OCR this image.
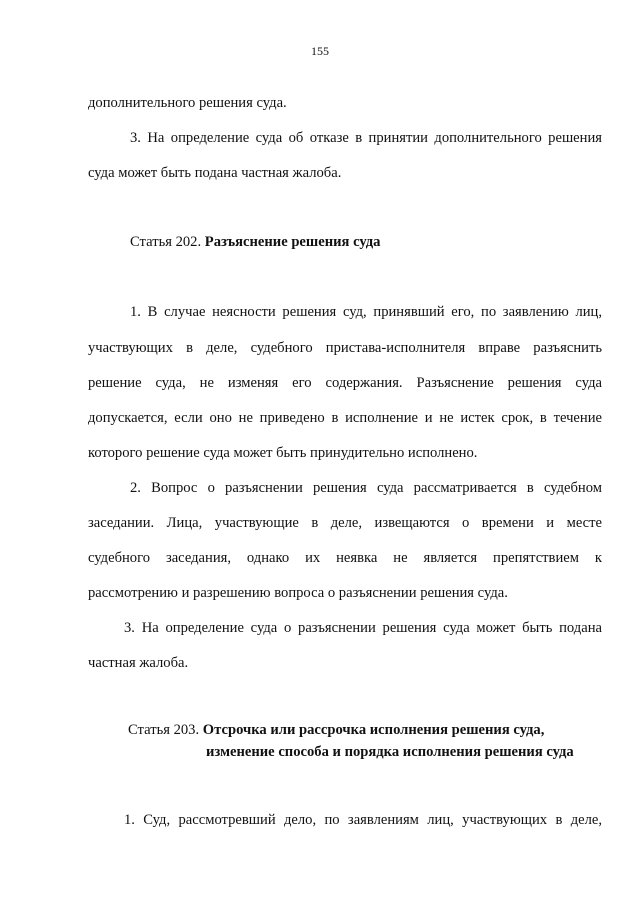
155
дополнительного решения суда.
3. На определение суда об отказе в принятии дополнительного решения
суда может быть подана частная жалоба.
Статья 202. Разъяснение решения суда
1. В случае неясности решения суд, принявший его, по заявлению лиц,
участвующих в деле, судебного пристава-исполнителя вправе разъяснить
решение суда, не изменяя его содержания. Разъяснение решения суда
допускается, если оно не приведено в исполнение и не истек срок, в течение
которого решение суда может быть принудительно исполнено.
2. Вопрос о разъяснении решения суда рассматривается в судебном
заседании. Лица, участвующие в деле, извещаются о времени и месте
судебного заседания, однако их неявка не является препятствием к
рассмотрению и разрешению вопроса о разъяснении решения суда.
3. На определение суда о разъяснении решения суда может быть подана
частная жалоба.
Статья 203. Отсрочка или рассрочка исполнения решения суда,
изменение способа и порядка исполнения решения суда
1. Суд, рассмотревший дело, по заявлениям лиц, участвующих в деле,
